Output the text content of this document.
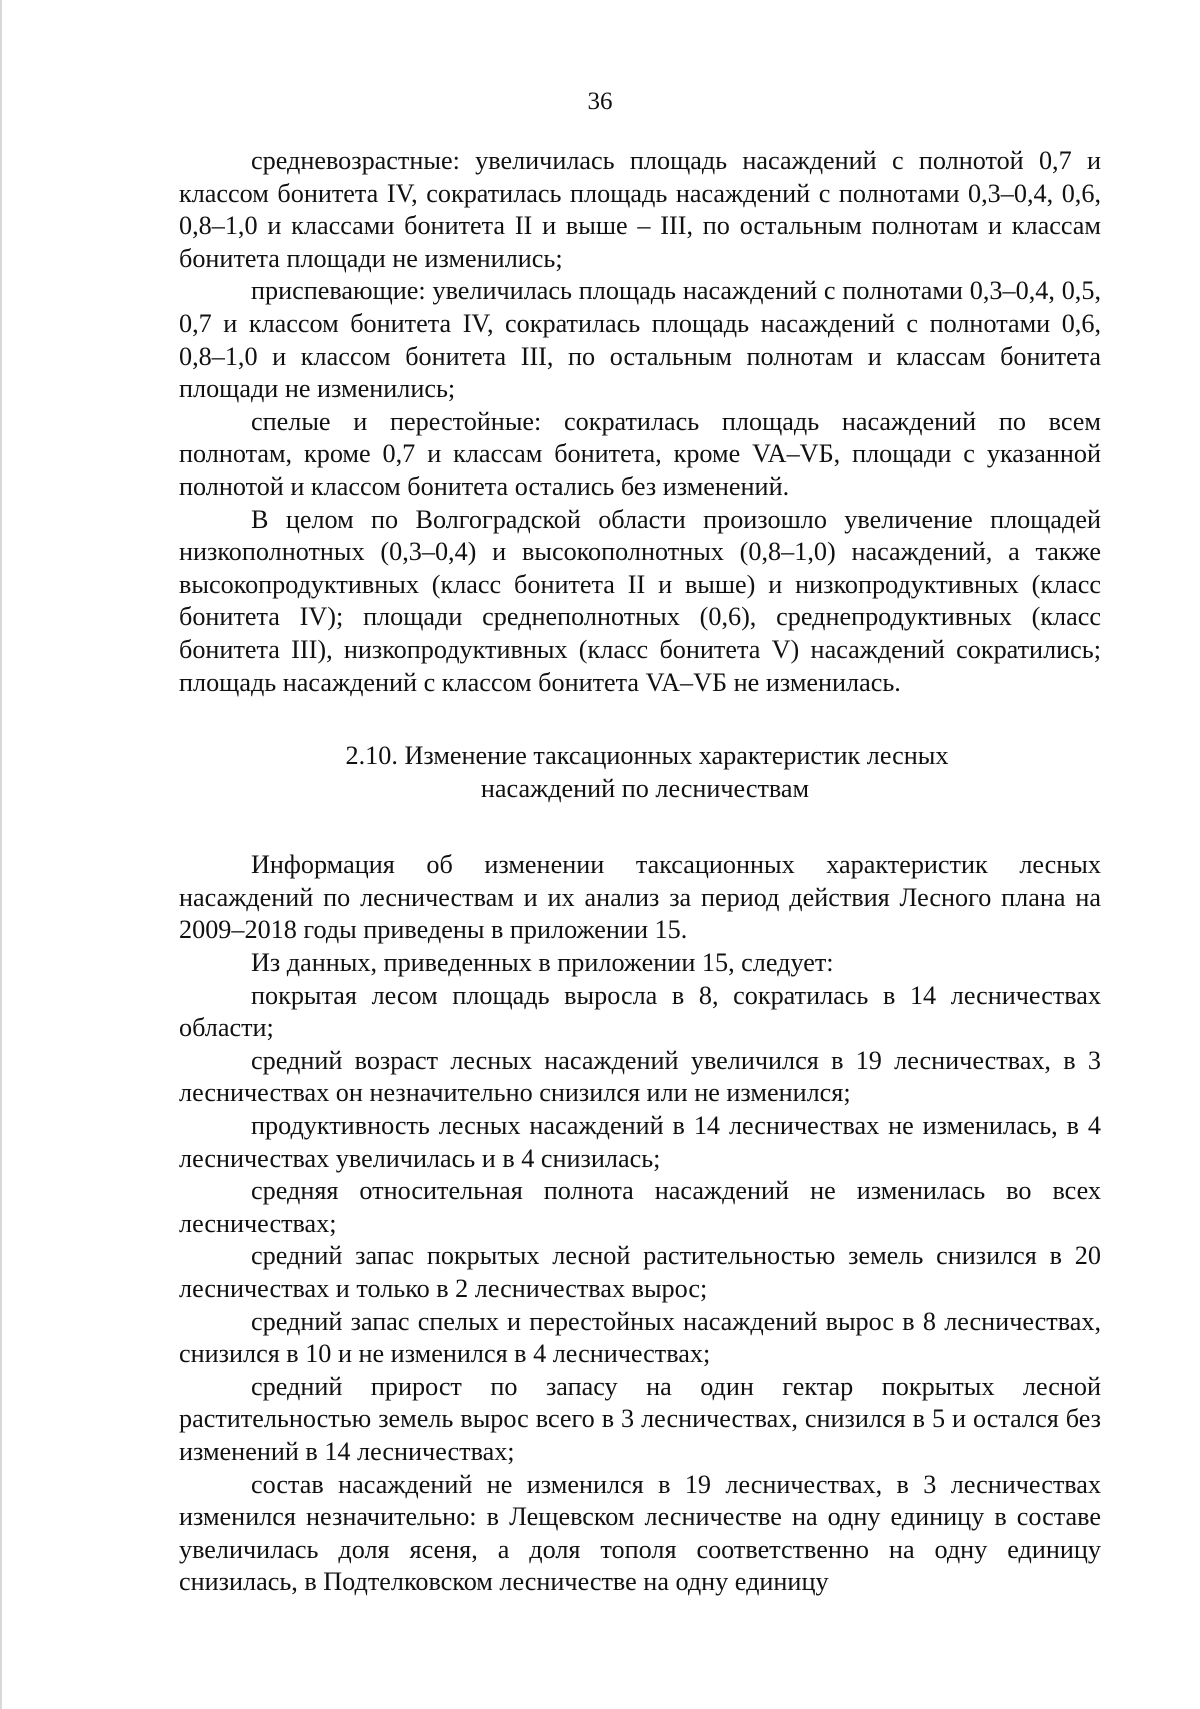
36

средневозрастные: увеличилась площадь насаждений с полнотой 0,7 и классом бонитета IV, сократилась площадь насаждений с полнотами 0,3–0,4, 0,6, 0,8–1,0 и классами бонитета II и выше – III, по остальным полнотам и классам бонитета площади не изменились;

приспевающие: увеличилась площадь насаждений с полнотами 0,3–0,4, 0,5, 0,7 и классом бонитета IV, сократилась площадь насаждений с полнотами 0,6, 0,8–1,0 и классом бонитета III, по остальным полнотам и классам бонитета площади не изменились;

спелые и перестойные: сократилась площадь насаждений по всем полнотам, кроме 0,7 и классам бонитета, кроме VA–VБ, площади с указанной полнотой и классом бонитета остались без изменений.

В целом по Волгоградской области произошло увеличение площадей низкополнотных (0,3–0,4) и высокополнотных (0,8–1,0) насаждений, а также высокопродуктивных (класс бонитета II и выше) и низкопродуктивных (класс бонитета IV); площади среднеполнотных (0,6), среднепродуктивных (класс бонитета III), низкопродуктивных (класс бонитета V) насаждений сократились; площадь насаждений с классом бонитета VA–VБ не изменилась.

2.10. Изменение таксационных характеристик лесных
насаждений по лесничествам

Информация об изменении таксационных характеристик лесных насаждений по лесничествам и их анализ за период действия Лесного плана на 2009–2018 годы приведены в приложении 15.

Из данных, приведенных в приложении 15, следует:

покрытая лесом площадь выросла в 8, сократилась в 14 лесничествах области;

средний возраст лесных насаждений увеличился в 19 лесничествах, в 3 лесничествах он незначительно снизился или не изменился;

продуктивность лесных насаждений в 14 лесничествах не изменилась, в 4 лесничествах увеличилась и в 4 снизилась;

средняя относительная полнота насаждений не изменилась во всех лесничествах;

средний запас покрытых лесной растительностью земель снизился в 20 лесничествах и только в 2 лесничествах вырос;

средний запас спелых и перестойных насаждений вырос в 8 лесничествах, снизился в 10 и не изменился в 4 лесничествах;

средний прирост по запасу на один гектар покрытых лесной растительностью земель вырос всего в 3 лесничествах, снизился в 5 и остался без изменений в 14 лесничествах;

состав насаждений не изменился в 19 лесничествах, в 3 лесничествах изменился незначительно: в Лещевском лесничестве на одну единицу в составе увеличилась доля ясеня, а доля тополя соответственно на одну единицу снизилась, в Подтелковском лесничестве на одну единицу
